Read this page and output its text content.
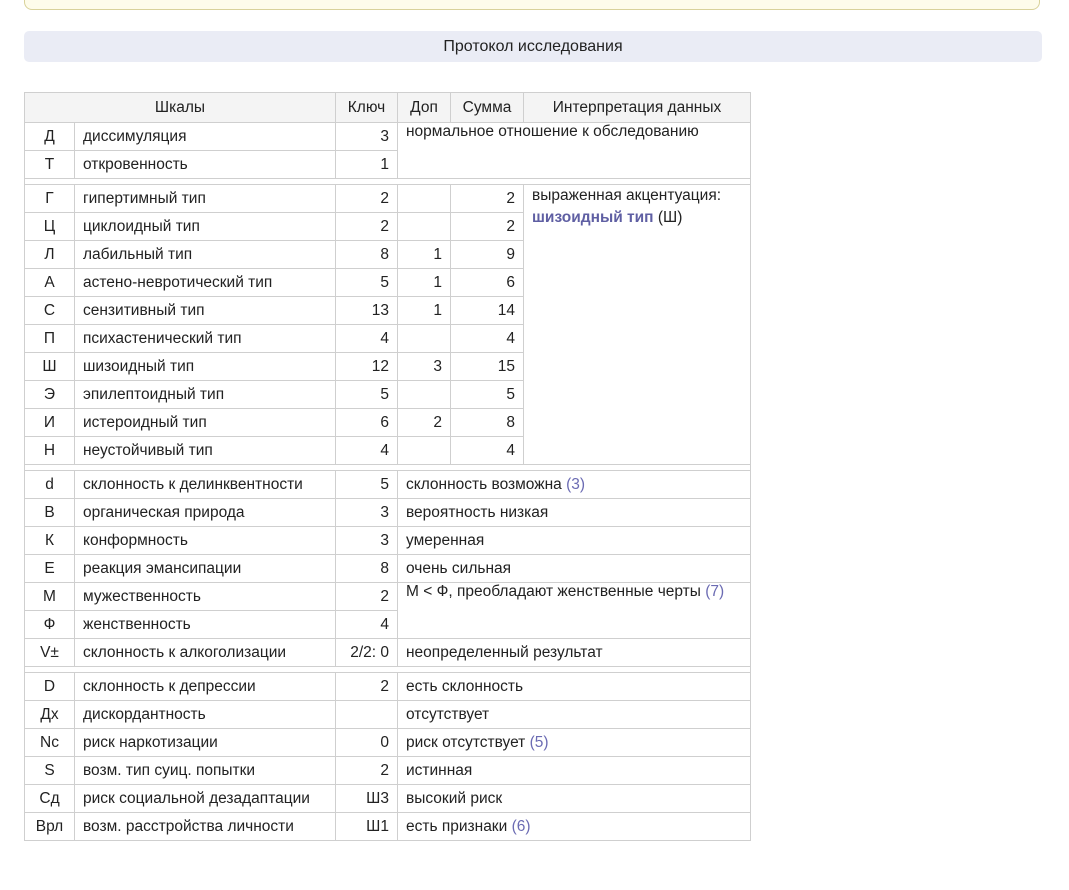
Протокол исследования
Шкалы		Ключ	Доп	Сумма	Интерпретация данных
Д	диссимуляция	3	нормальное отношение к обследованию		
Т	откровенность	1			

Г	гипертимный тип	2		2	выраженная акцентуация:
шизоидный тип (Ш)
Ц	циклоидный тип	2		2	
Л	лабильный тип	8	1	9	
А	астено-невротический тип	5	1	6	
С	сензитивный тип	13	1	14	
П	психастенический тип	4		4	
Ш	шизоидный тип	12	3	15	
Э	эпилептоидный тип	5		5	
И	истероидный тип	6	2	8	
Н	неустойчивый тип	4		4	

d	склонность к делинквентности	5	склонность возможна (3)		
В	органическая природа	3	вероятность низкая		
К	конформность	3	умеренная		
Е	реакция эмансипации	8	очень сильная		
М	мужественность	2	М < Ф, преобладают женственные черты (7)		
Ф	женственность	4			
V±	склонность к алкоголизации	2/2: 0	неопределенный результат		

D	склонность к депрессии	2	есть склонность		
Дх	дискордантность		отсутствует		
Nc	риск наркотизации	0	риск отсутствует (5)		
S	возм. тип суиц. попытки	2	истинная		
Сд	риск социальной дезадаптации	Ш3	высокий риск		
Врл	возм. расстройства личности	Ш1	есть признаки (6)		
